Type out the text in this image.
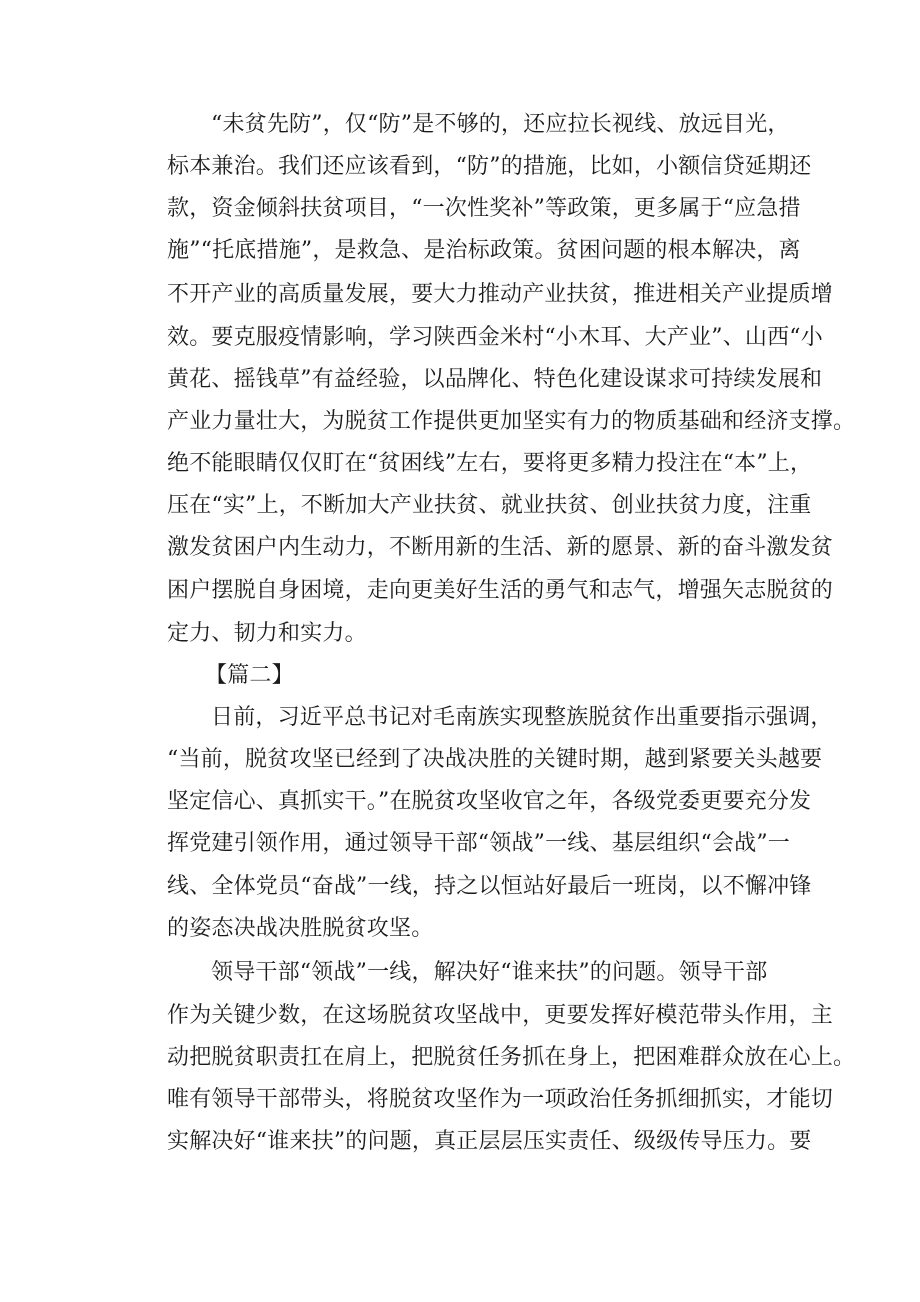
“未贫先防”，仅“防”是不够的，还应拉长视线、放远目光，
标本兼治。我们还应该看到，“防”的措施，比如，小额信贷延期还
款，资金倾斜扶贫项目，“一次性奖补”等政策，更多属于“应急措
施”“托底措施”，是救急、是治标政策。贫困问题的根本解决，离
不开产业的高质量发展，要大力推动产业扶贫，推进相关产业提质增
效。要克服疫情影响，学习陕西金米村“小木耳、大产业”、山西“小
黄花、摇钱草”有益经验，以品牌化、特色化建设谋求可持续发展和
产业力量壮大，为脱贫工作提供更加坚实有力的物质基础和经济支撑。
绝不能眼睛仅仅盯在“贫困线”左右，要将更多精力投注在“本”上，
压在“实”上，不断加大产业扶贫、就业扶贫、创业扶贫力度，注重
激发贫困户内生动力，不断用新的生活、新的愿景、新的奋斗激发贫
困户摆脱自身困境，走向更美好生活的勇气和志气，增强矢志脱贫的
定力、韧力和实力。
【篇二】
日前，习近平总书记对毛南族实现整族脱贫作出重要指示强调，
“当前，脱贫攻坚已经到了决战决胜的关键时期，越到紧要关头越要
坚定信心、真抓实干。”在脱贫攻坚收官之年，各级党委更要充分发
挥党建引领作用，通过领导干部“领战”一线、基层组织“会战”一
线、全体党员“奋战”一线，持之以恒站好最后一班岗，以不懈冲锋
的姿态决战决胜脱贫攻坚。
领导干部“领战”一线，解决好“谁来扶”的问题。领导干部
作为关键少数，在这场脱贫攻坚战中，更要发挥好模范带头作用，主
动把脱贫职责扛在肩上，把脱贫任务抓在身上，把困难群众放在心上。
唯有领导干部带头，将脱贫攻坚作为一项政治任务抓细抓实，才能切
实解决好“谁来扶”的问题，真正层层压实责任、级级传导压力。要
